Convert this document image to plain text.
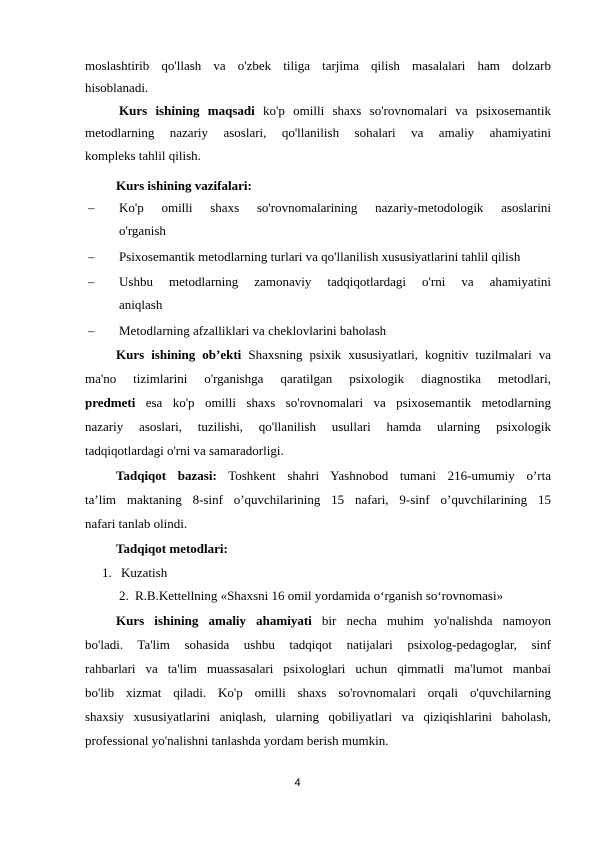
moslashtirib qo'llash va o'zbek tiliga tarjima qilish masalalari ham dolzarb
hisoblanadi.
Kurs ishining maqsadi ko'p omilli shaxs so'rovnomalari va psixosemantik
metodlarning nazariy asoslari, qo'llanilish sohalari va amaliy ahamiyatini
kompleks tahlil qilish.
Kurs ishining vazifalari:
– Ko'p omilli shaxs so'rovnomalarining nazariy-metodologik asoslarini
o'rganish
– Psixosemantik metodlarning turlari va qo'llanilish xususiyatlarini tahlil qilish
– Ushbu metodlarning zamonaviy tadqiqotlardagi o'rni va ahamiyatini
aniqlash
– Metodlarning afzalliklari va cheklovlarini baholash
Kurs ishining ob’ekti Shaxsning psixik xususiyatlari, kognitiv tuzilmalari va
ma'no tizimlarini o'rganishga qaratilgan psixologik diagnostika metodlari,
predmeti esa ko'p omilli shaxs so'rovnomalari va psixosemantik metodlarning
nazariy asoslari, tuzilishi, qo'llanilish usullari hamda ularning psixologik
tadqiqotlardagi o'rni va samaradorligi.
Tadqiqot bazasi: Toshkent shahri Yashnobod tumani 216-umumiy o’rta
ta’lim maktaning 8-sinf o’quvchilarining 15 nafari, 9-sinf o’quvchilarining 15
nafari tanlab olindi.
Tadqiqot metodlari:
1. Kuzatish
2. R.B.Kettellning «Shaxsni 16 omil yordamida o‘rganish so‘rovnomasi»
Kurs ishining amaliy ahamiyati bir necha muhim yo'nalishda namoyon
bo'ladi. Ta'lim sohasida ushbu tadqiqot natijalari psixolog-pedagoglar, sinf
rahbarlari va ta'lim muassasalari psixologlari uchun qimmatli ma'lumot manbai
bo'lib xizmat qiladi. Ko'p omilli shaxs so'rovnomalari orqali o'quvchilarning
shaxsiy xususiyatlarini aniqlash, ularning qobiliyatlari va qiziqishlarini baholash,
professional yo'nalishni tanlashda yordam berish mumkin.
4
